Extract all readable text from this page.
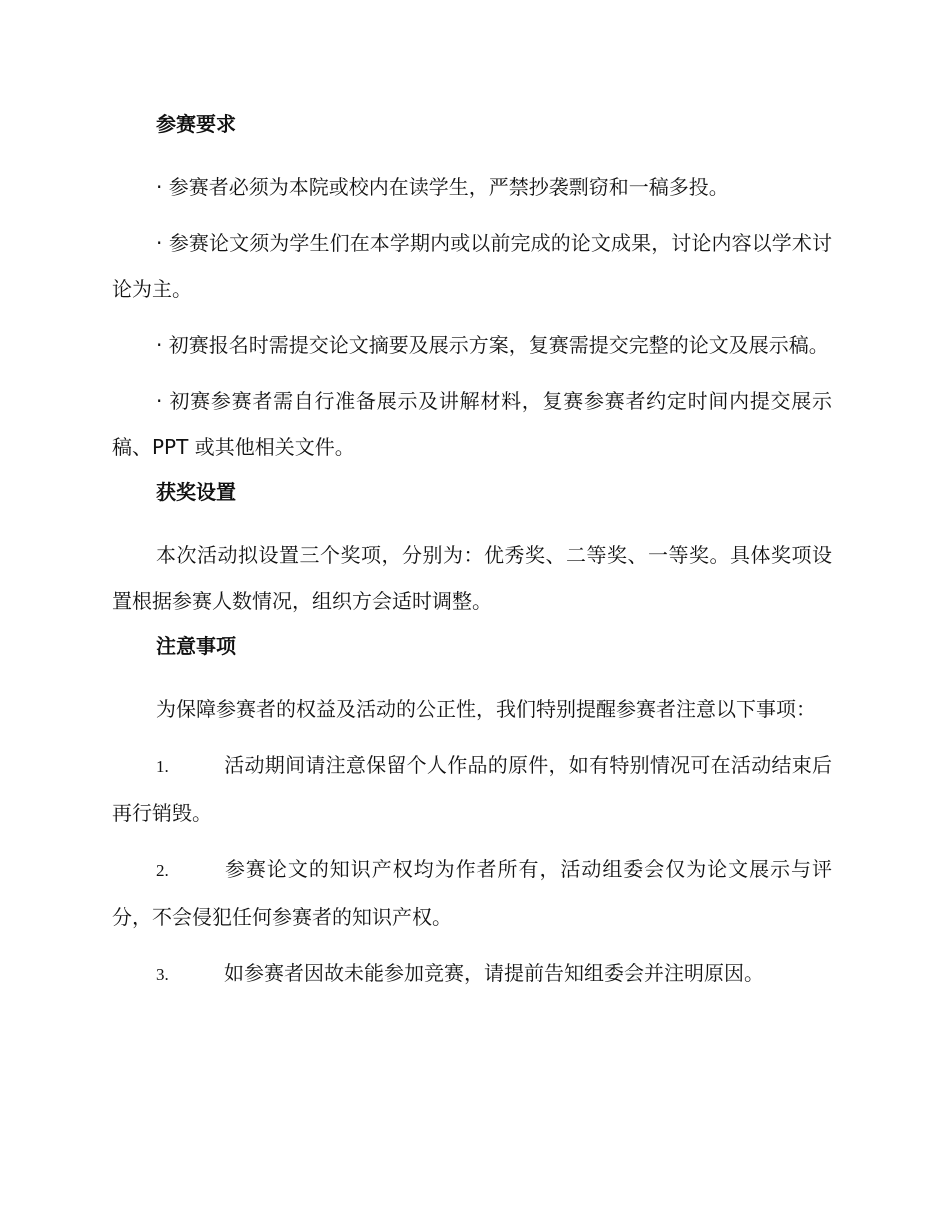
参赛要求
· 参赛者必须为本院或校内在读学生，严禁抄袭剽窃和一稿多投。
· 参赛论文须为学生们在本学期内或以前完成的论文成果，讨论内容以学术讨论为主。
· 初赛报名时需提交论文摘要及展示方案，复赛需提交完整的论文及展示稿。
· 初赛参赛者需自行准备展示及讲解材料，复赛参赛者约定时间内提交展示稿、PPT 或其他相关文件。
获奖设置
本次活动拟设置三个奖项，分别为：优秀奖、二等奖、一等奖。具体奖项设置根据参赛人数情况，组织方会适时调整。
注意事项
为保障参赛者的权益及活动的公正性，我们特别提醒参赛者注意以下事项：
1.	活动期间请注意保留个人作品的原件，如有特别情况可在活动结束后再行销毁。
2.	参赛论文的知识产权均为作者所有，活动组委会仅为论文展示与评分，不会侵犯任何参赛者的知识产权。
3.	如参赛者因故未能参加竞赛，请提前告知组委会并注明原因。
